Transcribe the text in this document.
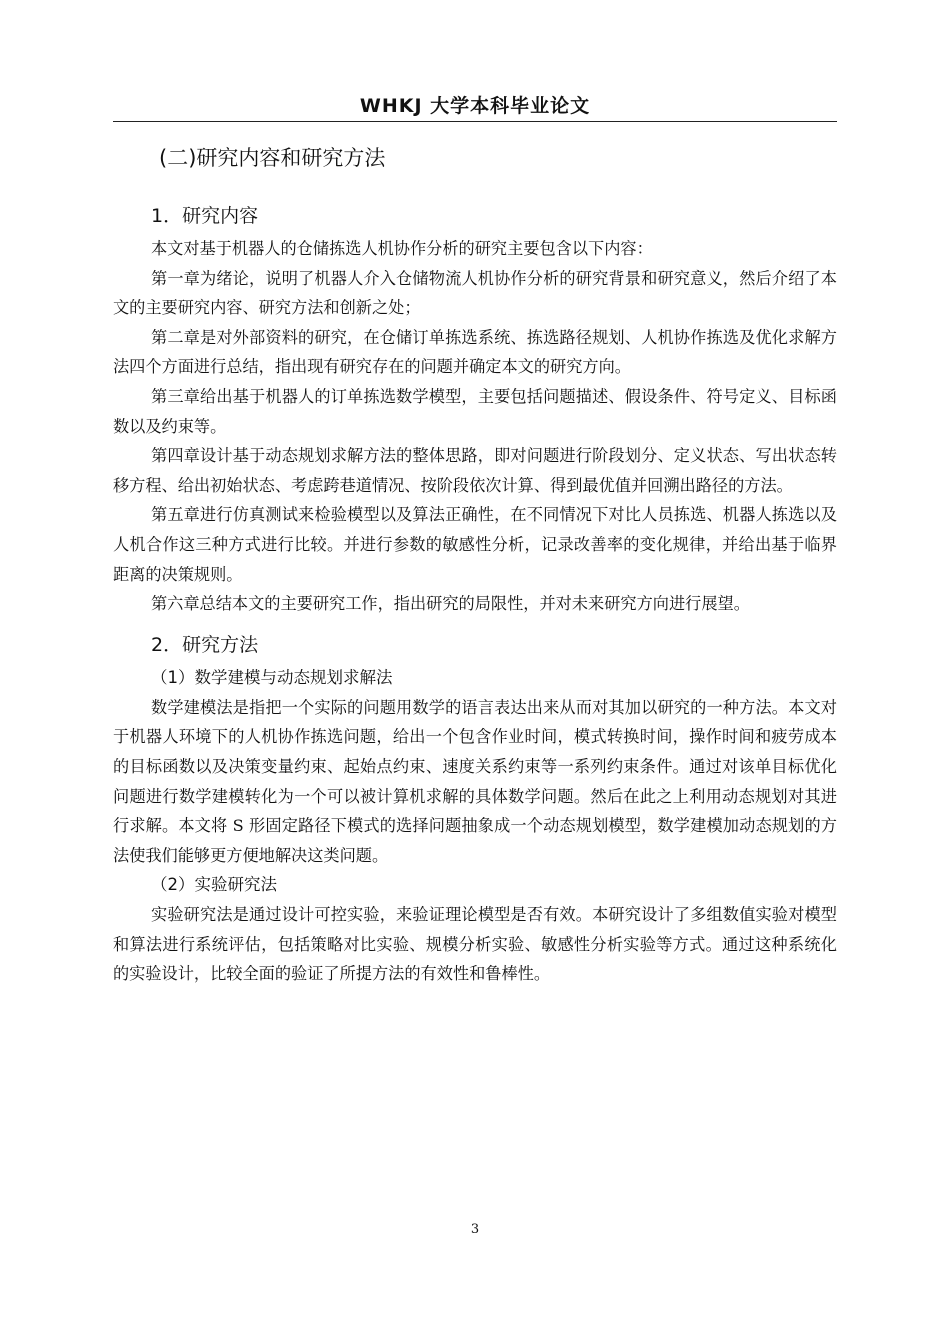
WHKJ 大学本科毕业论文
(二)研究内容和研究方法
1．研究内容

本文对基于机器人的仓储拣选人机协作分析的研究主要包含以下内容：

第一章为绪论，说明了机器人介入仓储物流人机协作分析的研究背景和研究意义，然后介绍了本文的主要研究内容、研究方法和创新之处；

第二章是对外部资料的研究，在仓储订单拣选系统、拣选路径规划、人机协作拣选及优化求解方法四个方面进行总结，指出现有研究存在的问题并确定本文的研究方向。

第三章给出基于机器人的订单拣选数学模型，主要包括问题描述、假设条件、符号定义、目标函数以及约束等。

第四章设计基于动态规划求解方法的整体思路，即对问题进行阶段划分、定义状态、写出状态转移方程、给出初始状态、考虑跨巷道情况、按阶段依次计算、得到最优值并回溯出路径的方法。

第五章进行仿真测试来检验模型以及算法正确性，在不同情况下对比人员拣选、机器人拣选以及人机合作这三种方式进行比较。并进行参数的敏感性分析，记录改善率的变化规律，并给出基于临界距离的决策规则。

第六章总结本文的主要研究工作，指出研究的局限性，并对未来研究方向进行展望。

2．研究方法
（1）数学建模与动态规划求解法

数学建模法是指把一个实际的问题用数学的语言表达出来从而对其加以研究的一种方法。本文对于机器人环境下的人机协作拣选问题，给出一个包含作业时间，模式转换时间，操作时间和疲劳成本的目标函数以及决策变量约束、起始点约束、速度关系约束等一系列约束条件。通过对该单目标优化问题进行数学建模转化为一个可以被计算机求解的具体数学问题。然后在此之上利用动态规划对其进行求解。本文将 S 形固定路径下模式的选择问题抽象成一个动态规划模型，数学建模加动态规划的方法使我们能够更方便地解决这类问题。

（2）实验研究法

实验研究法是通过设计可控实验，来验证理论模型是否有效。本研究设计了多组数值实验对模型和算法进行系统评估，包括策略对比实验、规模分析实验、敏感性分析实验等方式。通过这种系统化的实验设计，比较全面的验证了所提方法的有效性和鲁棒性。

3
